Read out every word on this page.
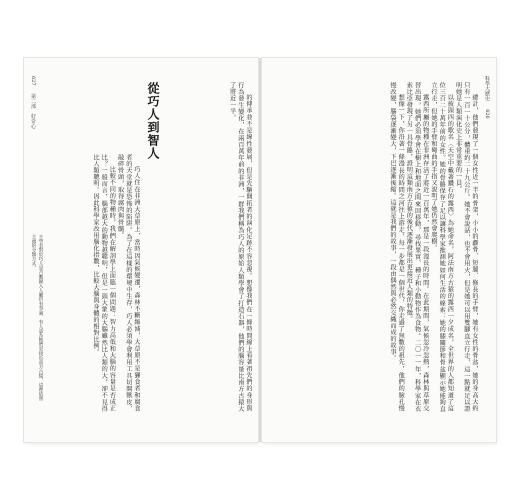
627 　 第二部　好奇心	的傳承並不是線性發展，但是先驅開拓者的演化足跡不容忽視。想像我們在一條時間線上看著祖先們的身形與行為發生變化，在兩百萬年前的非洲，一群我們稱為巧人的原始人類學會了打造石器，他們的腦容量比南方古猿大了將近一半。

從巧人到智人

巧人住在非洲大草原上，當時因氣候變遷，森林不斷縮減，大草原不是獵食者和腐食者的天堂就是恐怖的陷阱。為了在這樣的環境中生存，巧人必須學會利用工具切開獸皮、敲碎骨頭，取得腐肉與骨髓。

比較不同的物種時，我們在解剖學上面臨一個問題：智力高低和大腦的容量是否成正比？一般而言，腦部越大的動物越聰明，但是一頭大象的大腦雖然比人類的大，卻不見得比人類聰明。因此科學家改用腦化指數，比較大腦與身體的相對比例。

＊學者對於巧人是否應歸入人屬仍有爭論，有人認為牠們更接近南方古猿，這裡依照主流的分類方式。
科學大歷史 　 626

總計，他們發現了一個女性近一半的骨架，小小的顱骨、短腿、修長的手臂，她有女性的骨盆，她的身高大約只有一百一十公分，體重約二十九公斤。她不會說話，也不會用火，但是她可以用雙腳直立行走，這一點就足以證明她是人類演化史上非常重要的一員。

以披頭四的歌名〈天空中戴著鑽石的露西〉為她命名，阿法南方古猿的露西一夕成名，全世界的人都知道了這位三百二十萬年前的女性。她的骨骼保存了足以讓科學家推測她如何生活的線索：她的膝關節和骨盆顯示她能夠直立行走，但她的手臂和彎曲的手指又說明了她仍然會爬樹。

露西所屬的物種在非洲存活了將近一百萬年，那是一段漫長的時間。在此期間，氣候忽冷忽熱，森林與草原交替出現，她們必須學會在樹上和地面之間來回移動，尋找果實、種子和小動物作為食物。二〇一一年，科學家在衣索比亞發現了另一具骨骼，證明這類南方古猿的後代逐漸發展出更接近人類的特徵。

想像一下，你沿著一條漫長的時間之河往上游走，每一步都是一個世代，你走過了無數的祖先，他們的臉孔慢慢改變，腦袋逐漸變大，下巴逐漸後縮。這就是我們的故事，一段由偶然與必然交織而成的故事。
